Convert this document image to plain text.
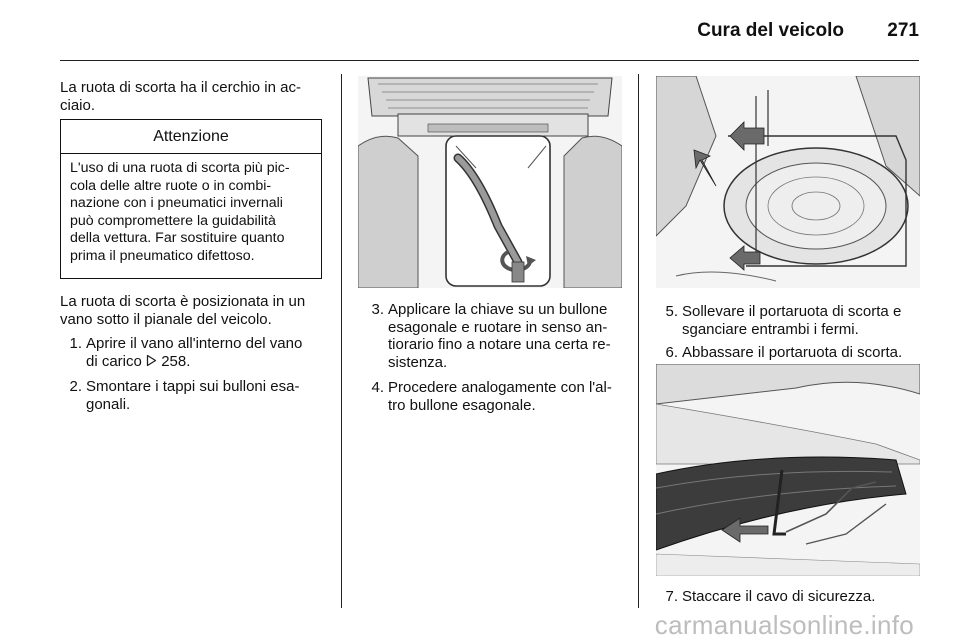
Cura del veicolo 271

La ruota di scorta ha il cerchio in ac-
ciaio.

Attenzione
L'uso di una ruota di scorta più pic-
cola delle altre ruote o in combi-
nazione con i pneumatici invernali
può compromettere la guidabilità
della vettura. Far sostituire quanto
prima il pneumatico difettoso.

La ruota di scorta è posizionata in un
vano sotto il pianale del veicolo.

1. Aprire il vano all'interno del vano
di carico 258.
2. Smontare i tappi sui bulloni esa-
gonali.
3. Applicare la chiave su un bullone
esagonale e ruotare in senso an-
tiorario fino a notare una certa re-
sistenza.
4. Procedere analogamente con l'al-
tro bullone esagonale.
5. Sollevare il portaruota di scorta e
sganciare entrambi i fermi.
6. Abbassare il portaruota di scorta.
7. Staccare il cavo di sicurezza.
carmanualsonline.info
